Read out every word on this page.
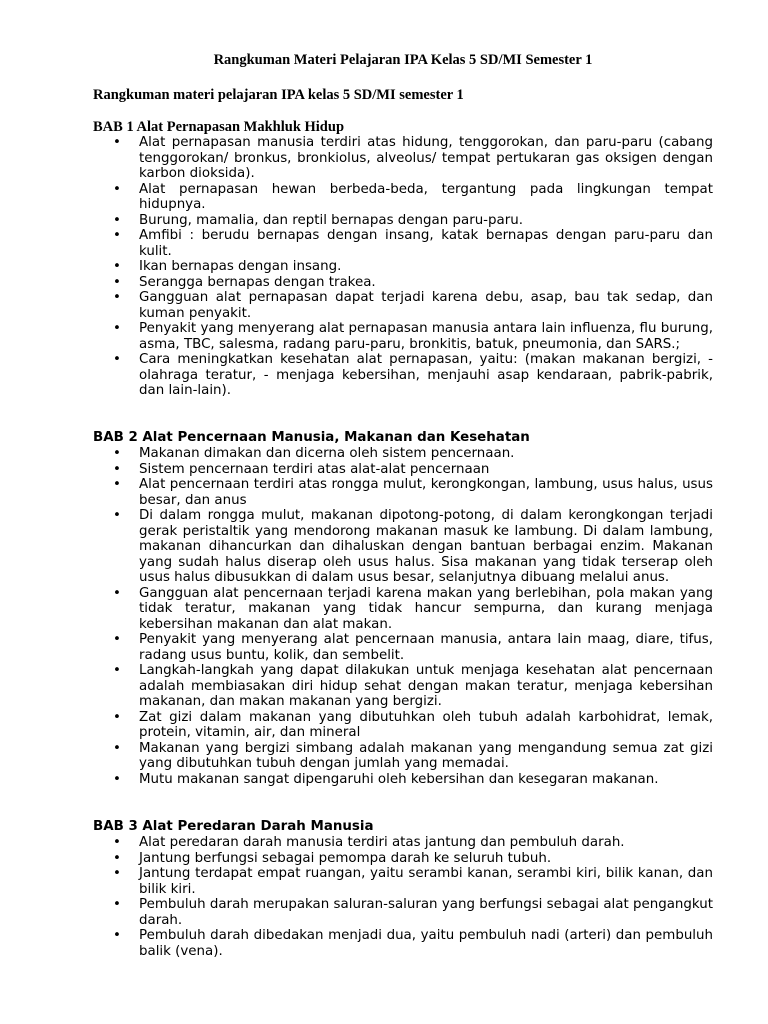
Rangkuman Materi Pelajaran IPA Kelas 5 SD/MI Semester 1

Rangkuman materi pelajaran IPA kelas 5 SD/MI semester 1

BAB 1 Alat Pernapasan Makhluk Hidup
• Alat pernapasan manusia terdiri atas hidung, tenggorokan, dan paru-paru (cabang tenggorokan/ bronkus, bronkiolus, alveolus/ tempat pertukaran gas oksigen dengan karbon dioksida).
• Alat pernapasan hewan berbeda-beda, tergantung pada lingkungan tempat hidupnya.
• Burung, mamalia, dan reptil bernapas dengan paru-paru.
• Amfibi : berudu bernapas dengan insang, katak bernapas dengan paru-paru dan kulit.
• Ikan bernapas dengan insang.
• Serangga bernapas dengan trakea.
• Gangguan alat pernapasan dapat terjadi karena debu, asap, bau tak sedap, dan kuman penyakit.
• Penyakit yang menyerang alat pernapasan manusia antara lain influenza, flu burung, asma, TBC, salesma, radang paru-paru, bronkitis, batuk, pneumonia, dan SARS.;
• Cara meningkatkan kesehatan alat pernapasan, yaitu: (makan makanan bergizi, - olahraga teratur, - menjaga kebersihan, menjauhi asap kendaraan, pabrik-pabrik, dan lain-lain).
BAB 2 Alat Pencernaan Manusia, Makanan dan Kesehatan
• Makanan dimakan dan dicerna oleh sistem pencernaan.
• Sistem pencernaan terdiri atas alat-alat pencernaan
• Alat pencernaan terdiri atas rongga mulut, kerongkongan, lambung, usus halus, usus besar, dan anus
• Di dalam rongga mulut, makanan dipotong-potong, di dalam kerongkongan terjadi gerak peristaltik yang mendorong makanan masuk ke lambung. Di dalam lambung, makanan dihancurkan dan dihaluskan dengan bantuan berbagai enzim. Makanan yang sudah halus diserap oleh usus halus. Sisa makanan yang tidak terserap oleh usus halus dibusukkan di dalam usus besar, selanjutnya dibuang melalui anus.
• Gangguan alat pencernaan terjadi karena makan yang berlebihan, pola makan yang tidak teratur, makanan yang tidak hancur sempurna, dan kurang menjaga kebersihan makanan dan alat makan.
• Penyakit yang menyerang alat pencernaan manusia, antara lain maag, diare, tifus, radang usus buntu, kolik, dan sembelit.
• Langkah-langkah yang dapat dilakukan untuk menjaga kesehatan alat pencernaan adalah membiasakan diri hidup sehat dengan makan teratur, menjaga kebersihan makanan, dan makan makanan yang bergizi.
• Zat gizi dalam makanan yang dibutuhkan oleh tubuh adalah karbohidrat, lemak, protein, vitamin, air, dan mineral
• Makanan yang bergizi simbang adalah makanan yang mengandung semua zat gizi yang dibutuhkan tubuh dengan jumlah yang memadai.
• Mutu makanan sangat dipengaruhi oleh kebersihan dan kesegaran makanan.
BAB 3 Alat Peredaran Darah Manusia
• Alat peredaran darah manusia terdiri atas jantung dan pembuluh darah.
• Jantung berfungsi sebagai pemompa darah ke seluruh tubuh.
• Jantung terdapat empat ruangan, yaitu serambi kanan, serambi kiri, bilik kanan, dan bilik kiri.
• Pembuluh darah merupakan saluran-saluran yang berfungsi sebagai alat pengangkut darah.
• Pembuluh darah dibedakan menjadi dua, yaitu pembuluh nadi (arteri) dan pembuluh balik (vena).
